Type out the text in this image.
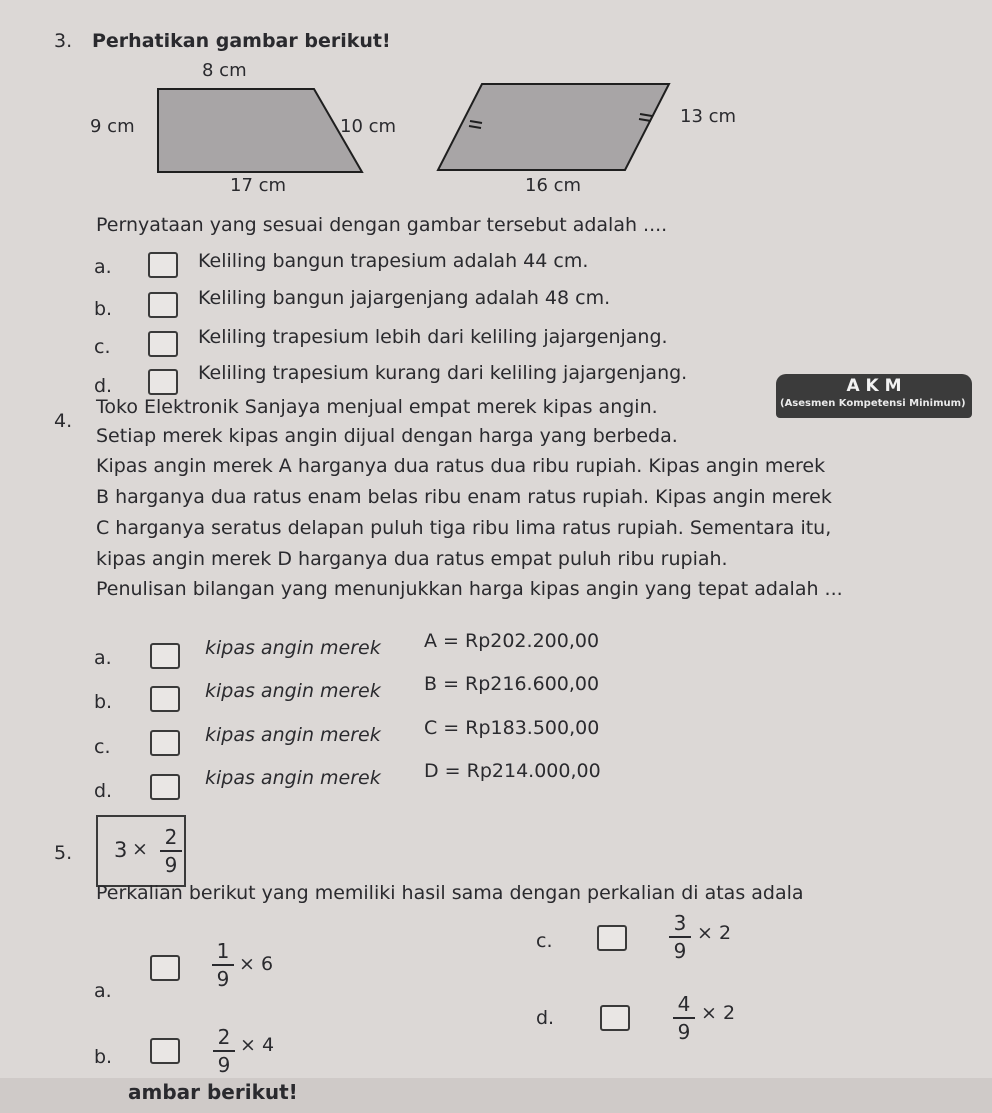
3. Perhatikan gambar berikut!
8 cm
9 cm	10 cm
17 cm
13 cm
16 cm
Pernyataan yang sesuai dengan gambar tersebut adalah ....
a.	Keliling bangun trapesium adalah 44 cm.
b.	Keliling bangun jajargenjang adalah 48 cm.
c.	Keliling trapesium lebih dari keliling jajargenjang.
d.
Keliling trapesium kurang dari keliling jajargenjang.
A K M
(Asesmen Kompetensi Minimum)
4.
Toko Elektronik Sanjaya menjual empat merek kipas angin.
Setiap merek kipas angin dijual dengan harga yang berbeda.
Kipas angin merek A harganya dua ratus dua ribu rupiah. Kipas angin merek
B harganya dua ratus enam belas ribu enam ratus rupiah. Kipas angin merek
C harganya seratus delapan puluh tiga ribu lima ratus rupiah. Sementara itu,
kipas angin merek D harganya dua ratus empat puluh ribu rupiah.
Penulisan bilangan yang menunjukkan harga kipas angin yang tepat adalah ...
a.	kipas angin merek A = Rp202.200,00
b.	kipas angin merek B = Rp216.600,00
c.
kipas angin merek C = Rp183.500,00
d.
kipas angin merek D = Rp214.000,00
5. 3 × 2
9
Perkalian berikut yang memiliki hasil sama dengan perkalian di atas adala
a.
1
9
× 6
b.
2
9
× 4
c.
3
9
× 2
d.
4
9
× 2
ambar berikut!
